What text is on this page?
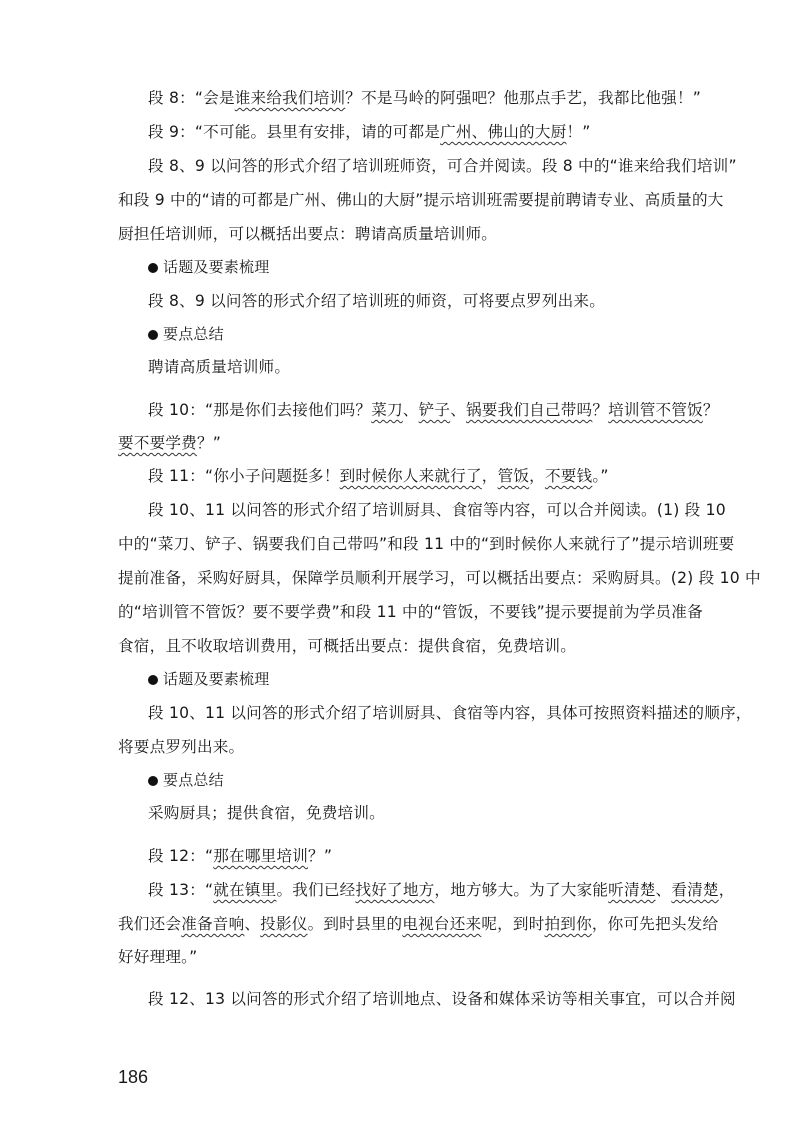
段 8：“会是谁来给我们培训？不是马岭的阿强吧？他那点手艺，我都比他强！”
段 9：“不可能。县里有安排，请的可都是广州、佛山的大厨！”
段 8、9 以问答的形式介绍了培训班师资，可合并阅读。段 8 中的“谁来给我们培训”
和段 9 中的“请的可都是广州、佛山的大厨”提示培训班需要提前聘请专业、高质量的大
厨担任培训师，可以概括出要点：聘请高质量培训师。
话题及要素梳理
段 8、9 以问答的形式介绍了培训班的师资，可将要点罗列出来。
要点总结
聘请高质量培训师。
段 10：“那是你们去接他们吗？菜刀、铲子、锅要我们自己带吗？培训管不管饭？
要不要学费？”
段 11：“你小子问题挺多！到时候你人来就行了，管饭，不要钱。”
段 10、11 以问答的形式介绍了培训厨具、食宿等内容，可以合并阅读。(1) 段 10
中的“菜刀、铲子、锅要我们自己带吗”和段 11 中的“到时候你人来就行了”提示培训班要
提前准备，采购好厨具，保障学员顺利开展学习，可以概括出要点：采购厨具。(2) 段 10 中
的“培训管不管饭？要不要学费”和段 11 中的“管饭，不要钱”提示要提前为学员准备
食宿，且不收取培训费用，可概括出要点：提供食宿，免费培训。
话题及要素梳理
段 10、11 以问答的形式介绍了培训厨具、食宿等内容，具体可按照资料描述的顺序，
将要点罗列出来。
要点总结
采购厨具；提供食宿，免费培训。
段 12：“那在哪里培训？”
段 13：“就在镇里。我们已经找好了地方，地方够大。为了大家能听清楚、看清楚，
我们还会准备音响、投影仪。到时县里的电视台还来呢，到时拍到你，你可先把头发给
好好理理。”
段 12、13 以问答的形式介绍了培训地点、设备和媒体采访等相关事宜，可以合并阅
186
